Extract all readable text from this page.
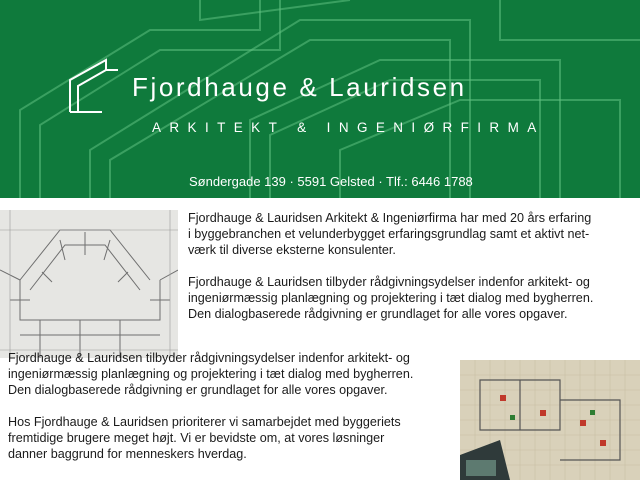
Fjordhauge & Lauridsen
ARKITEKT & INGENIØRFIRMA
Søndergade 139 · 5591 Gelsted · Tlf.: 6446 1788

Fjordhauge & Lauridsen Arkitekt & Ingeniørfirma har med 20 års erfaring
i byggebranchen et velunderbygget erfaringsgrundlag samt et aktivt net-
værk til diverse eksterne konsulenter.

Fjordhauge & Lauridsen tilbyder rådgivningsydelser indenfor arkitekt- og
ingeniørmæssig planlægning og projektering i tæt dialog med bygherren.
Den dialogbaserede rådgivning er grundlaget for alle vores opgaver.

Fjordhauge & Lauridsen tilbyder rådgivningsydelser indenfor arkitekt- og
ingeniørmæssig planlægning og projektering i tæt dialog med bygherren.
Den dialogbaserede rådgivning er grundlaget for alle vores opgaver.

Hos Fjordhauge & Lauridsen prioriterer vi samarbejdet med byggeriets
fremtidige brugere meget højt. Vi er bevidste om, at vores løsninger
danner baggrund for menneskers hverdag.
